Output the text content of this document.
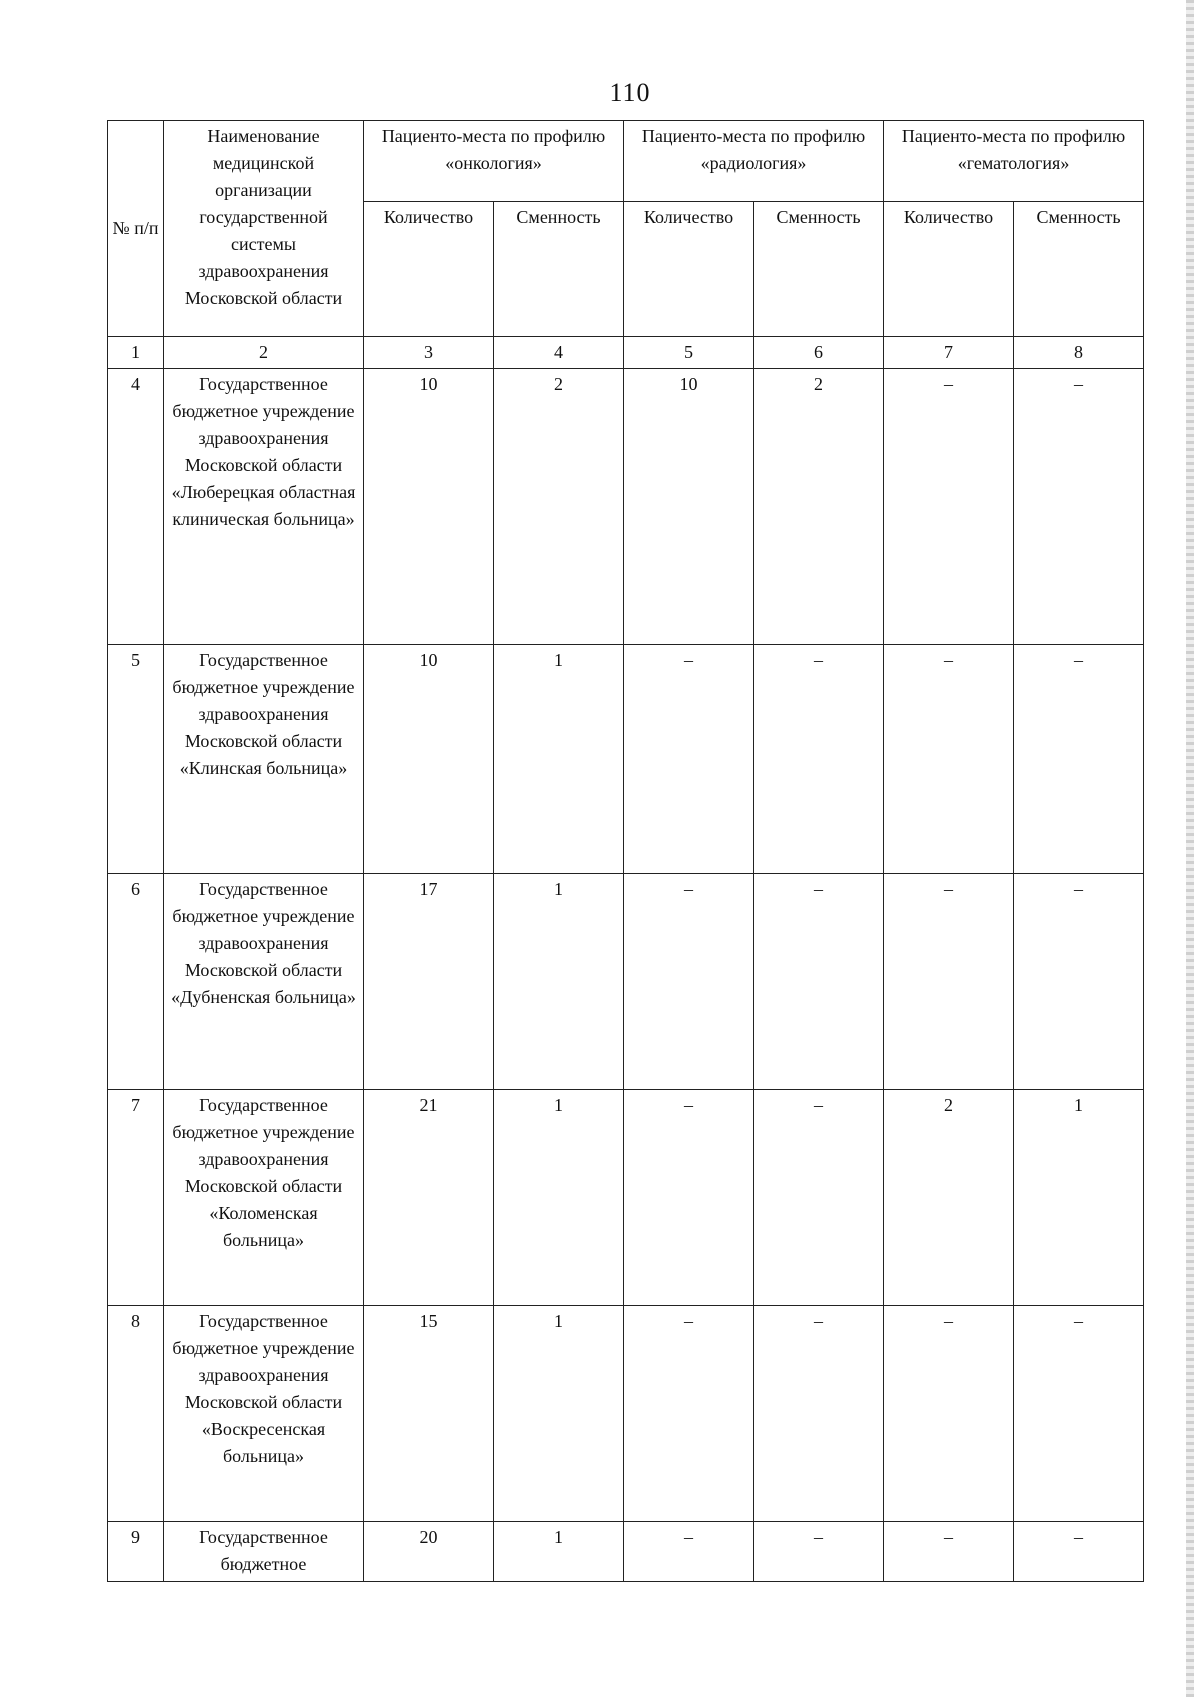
110
№ п/п	Наименование медицинской организации государственной системы здравоохранения Московской области	Пациенто-места по профилю «онкология»		Пациенто-места по профилю «радиология»		Пациенто-места по профилю «гематология»	
		Количество	Сменность	Количество	Сменность	Количество	Сменность
1	2	3	4	5	6	7	8
4	Государственное бюджетное учреждение здравоохранения Московской области «Люберецкая областная клиническая больница»	10	2	10	2	–	–
5	Государственное бюджетное учреждение здравоохранения Московской области «Клинская больница»	10	1	–	–	–	–
6	Государственное бюджетное учреждение здравоохранения Московской области «Дубненская больница»	17	1	–	–	–	–
7	Государственное бюджетное учреждение здравоохранения Московской области «Коломенская больница»	21	1	–	–	2	1
8	Государственное бюджетное учреждение здравоохранения Московской области «Воскресенская больница»	15	1	–	–	–	–
9	Государственное бюджетное	20	1	–	–	–	–
